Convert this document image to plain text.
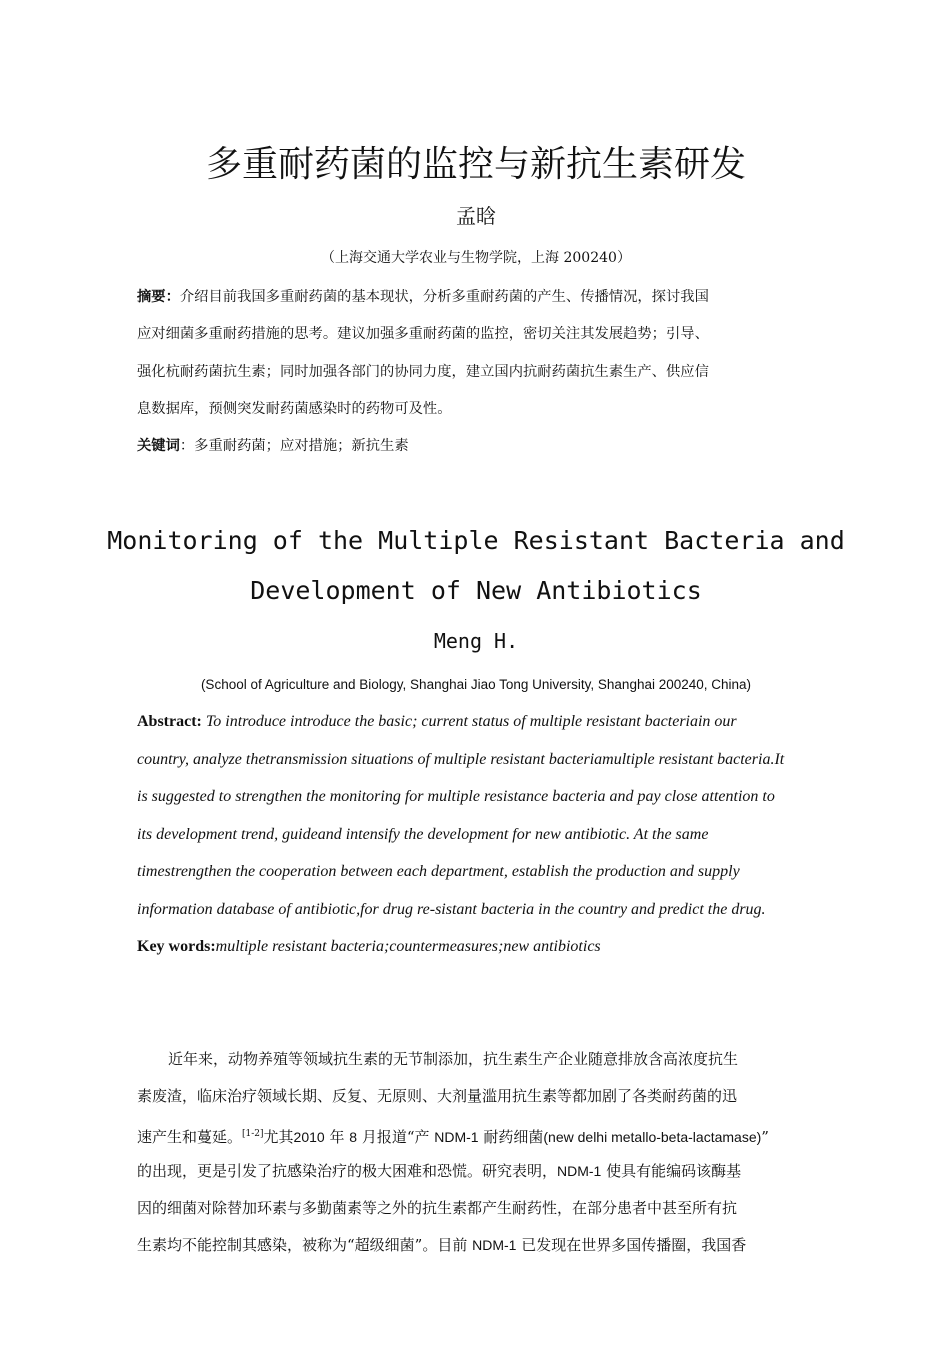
多重耐药菌的监控与新抗生素研发
孟晗
（上海交通大学农业与生物学院，上海 200240）
摘要：介绍目前我国多重耐药菌的基本现状，分析多重耐药菌的产生、传播情况，探讨我国
应对细菌多重耐药措施的思考。建议加强多重耐药菌的监控，密切关注其发展趋势；引导、
强化杭耐药菌抗生素；同时加强各部门的协同力度，建立国内抗耐药菌抗生素生产、供应信
息数据库，预侧突发耐药菌感染时的药物可及性。
关键词：多重耐药菌；应对措施；新抗生素
Monitoring of the Multiple Resistant Bacteria and
Development of New Antibiotics
Meng H.
(School of Agriculture and Biology, Shanghai Jiao Tong University, Shanghai 200240, China)
Abstract: To introduce introduce the basic; current status of multiple resistant bacteriain our
country, analyze thetransmission situations of multiple resistant bacteriamultiple resistant bacteria.It
is suggested to strengthen the monitoring for multiple resistance bacteria and pay close attention to
its development trend, guideand intensify the development for new antibiotic. At the same
timestrengthen the cooperation between each department, establish the production and supply
information database of antibiotic,for drug re-sistant bacteria in the country and predict the drug.
Key words:multiple resistant bacteria;countermeasures;new antibiotics
近年来，动物养殖等领域抗生素的无节制添加，抗生素生产企业随意排放含高浓度抗生
素废渣，临床治疗领域长期、反复、无原则、大剂量滥用抗生素等都加剧了各类耐药菌的迅
速产生和蔓延。[1-2]尤其2010 年 8 月报道“产 NDM-1 耐药细菌(new delhi metallo-beta-lactamase)”
的出现，更是引发了抗感染治疗的极大困难和恐慌。研究表明，NDM-1 使具有能编码该酶基
因的细菌对除替加环素与多勤菌素等之外的抗生素都产生耐药性，在部分患者中甚至所有抗
生素均不能控制其感染，被称为“超级细菌”。目前 NDM-1 已发现在世界多国传播圈，我国香
